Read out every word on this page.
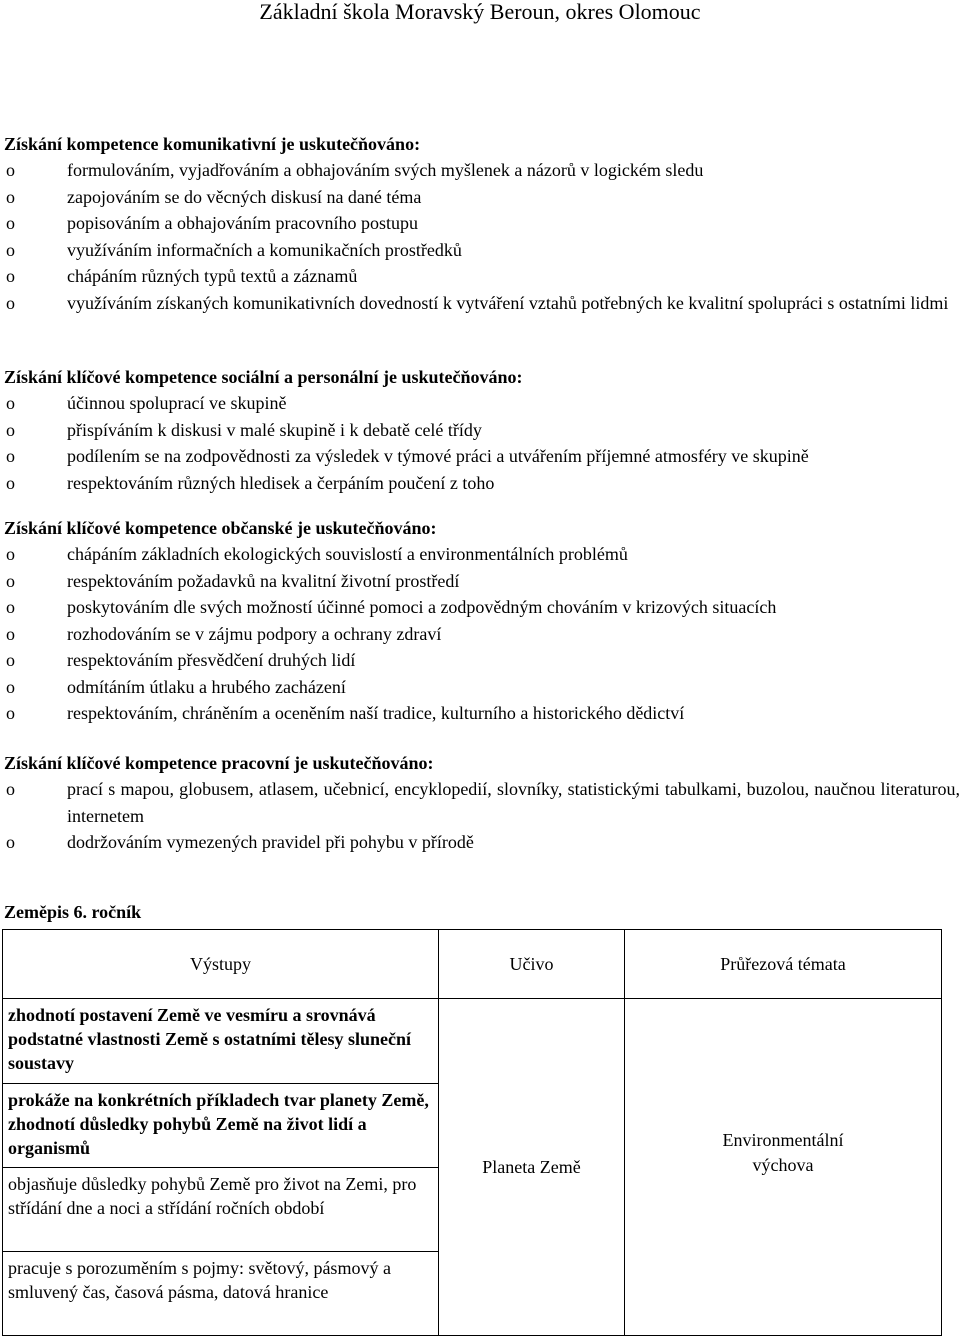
Základní škola Moravský Beroun, okres Olomouc
Získání kompetence komunikativní je uskutečňováno:
o	formulováním, vyjadřováním a obhajováním svých myšlenek a názorů v logickém sledu
o	zapojováním se do věcných diskusí na dané téma
o	popisováním a obhajováním pracovního postupu
o	využíváním informačních a komunikačních prostředků
o	chápáním různých typů textů a záznamů
o	využíváním získaných komunikativních dovedností k vytváření vztahů potřebných ke kvalitní spolupráci s ostatními lidmi
Získání klíčové kompetence sociální a personální je uskutečňováno:
o	účinnou spoluprací ve skupině
o	přispíváním k diskusi v malé skupině i k debatě celé třídy
o	podílením se na zodpovědnosti za výsledek v týmové práci a utvářením příjemné atmosféry ve skupině
o	respektováním různých hledisek a čerpáním poučení z toho
Získání klíčové kompetence občanské je uskutečňováno:
o	chápáním základních ekologických souvislostí a environmentálních problémů
o	respektováním požadavků na kvalitní životní prostředí
o	poskytováním dle svých možností účinné pomoci a zodpovědným chováním v krizových situacích
o	rozhodováním se v zájmu podpory a ochrany zdraví
o	respektováním přesvědčení druhých lidí
o	odmítáním útlaku a hrubého zacházení
o	respektováním, chráněním a oceněním naší tradice, kulturního a historického dědictví
Získání klíčové kompetence pracovní je uskutečňováno:
o	prací s mapou, globusem, atlasem, učebnicí, encyklopedií, slovníky, statistickými tabulkami, buzolou, naučnou literaturou, internetem
o	dodržováním vymezených pravidel při pohybu v přírodě
Zeměpis 6. ročník
Výstupy	Učivo	Průřezová témata
zhodnotí postavení Země ve vesmíru a srovnává podstatné vlastnosti Země s ostatními tělesy sluneční soustavy	Planeta Země	Environmentální výchova

prokáže na konkrétních příkladech tvar planety Země, zhodnotí důsledky pohybů Země na život lidí a organismů		
objasňuje důsledky pohybů Země pro život na Zemi, pro střídání dne a noci a střídání ročních období		
pracuje s porozuměním s pojmy: světový, pásmový a smluvený čas, časová pásma, datová hranice		
